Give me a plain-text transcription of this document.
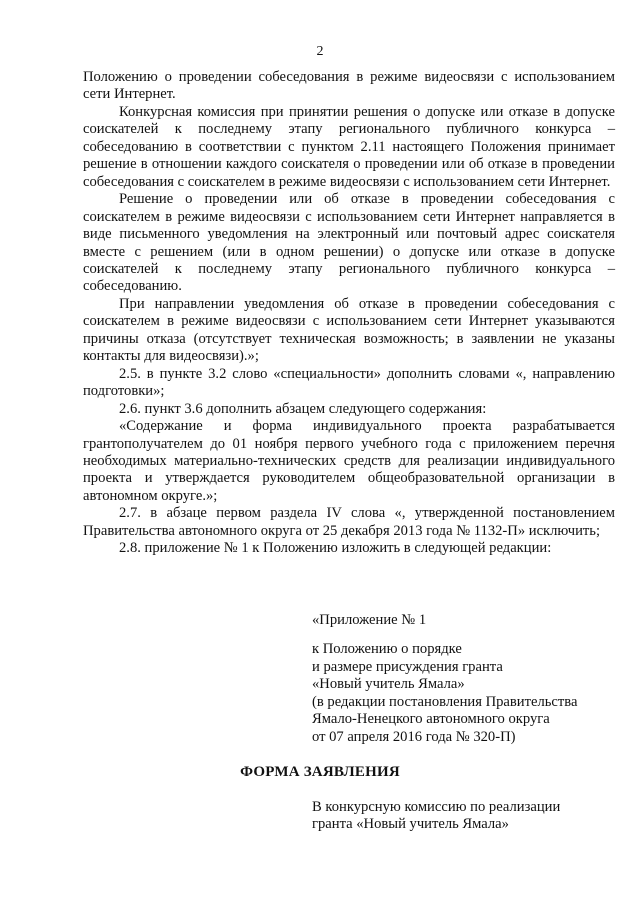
2

Положению о проведении собеседования в режиме видеосвязи с использованием сети Интернет.

Конкурсная комиссия при принятии решения о допуске или отказе в допуске соискателей к последнему этапу регионального публичного конкурса – собеседованию в соответствии с пунктом 2.11 настоящего Положения принимает решение в отношении каждого соискателя о проведении или об отказе в проведении собеседования с соискателем в режиме видеосвязи с использованием сети Интернет.

Решение о проведении или об отказе в проведении собеседования с соискателем в режиме видеосвязи с использованием сети Интернет направляется в виде письменного уведомления на электронный или почтовый адрес соискателя вместе с решением (или в одном решении) о допуске или отказе в допуске соискателей к последнему этапу регионального публичного конкурса – собеседованию.

При направлении уведомления об отказе в проведении собеседования с соискателем в режиме видеосвязи с использованием сети Интернет указываются причины отказа (отсутствует техническая возможность; в заявлении не указаны контакты для видеосвязи).»;

2.5. в пункте 3.2 слово «специальности» дополнить словами «, направлению подготовки»;

2.6. пункт 3.6 дополнить абзацем следующего содержания:

«Содержание и форма индивидуального проекта разрабатывается грантополучателем до 01 ноября первого учебного года с приложением перечня необходимых материально-технических средств для реализации индивидуального проекта и утверждается руководителем общеобразовательной организации в автономном округе.»;

2.7. в абзаце первом раздела IV слова «, утвержденной постановлением Правительства автономного округа от 25 декабря 2013 года № 1132-П» исключить;

2.8. приложение № 1 к Положению изложить в следующей редакции:

«Приложение № 1

к Положению о порядке

и размере присуждения гранта

«Новый учитель Ямала»

(в редакции постановления Правительства

Ямало-Ненецкого автономного округа

от 07 апреля 2016 года № 320-П)

ФОРМА ЗАЯВЛЕНИЯ

В конкурсную комиссию по реализации

гранта «Новый учитель Ямала»
